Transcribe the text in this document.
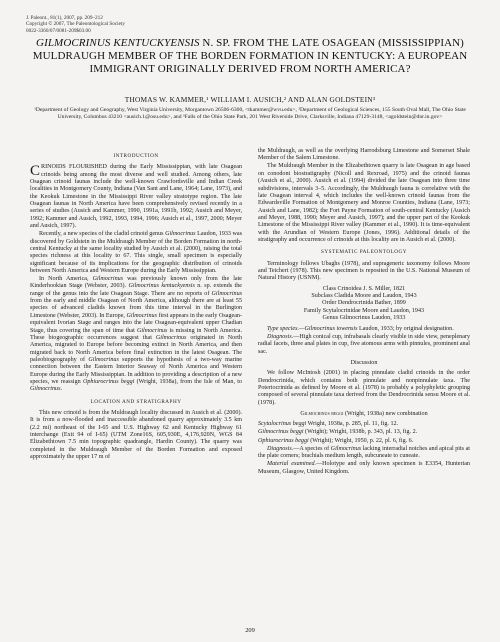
J. Paleont., 81(1), 2007, pp. 209–212
Copyright © 2007, The Paleontological Society
0022-3360/07/0081-209$03.00
GILMOCRINUS KENTUCKYENSIS N. SP. FROM THE LATE OSAGEAN (MISSISSIPPIAN) MULDRAUGH MEMBER OF THE BORDEN FORMATION IN KENTUCKY: A EUROPEAN IMMIGRANT ORIGINALLY DERIVED FROM NORTH AMERICA?
THOMAS W. KAMMER,¹ WILLIAM I. AUSICH,² AND ALAN GOLDSTEIN³
¹Department of Geology and Geography, West Virginia University, Morgantown 26506-6300, <tkammer@wvu.edu>, ²Department of Geological Sciences, 155 South Oval Mall, The Ohio State University, Columbus 43210 <ausich.1@osu.edu>, and ³Falls of the Ohio State Park, 201 West Riverside Drive, Clarksville, Indiana 47129-3148, <agoldstein@dnr.in.gov>
INTRODUCTION

CRINOIDS FLOURISHED during the Early Mississippian, with late Osagean crinoids being among the most diverse and well studied. Among others, late Osagean crinoid faunas include the well-known Crawfordsville and Indian Creek localities in Montgomery County, Indiana (Van Sant and Lane, 1964; Lane, 1973), and the Keokuk Limestone in the Mississippi River valley stratotype region. The late Osagean faunas in North America have been comprehensively revised recently in a series of studies (Ausich and Kammer, 1990, 1991a, 1991b, 1992; Ausich and Meyer, 1992; Kammer and Ausich, 1992, 1993, 1994, 1996; Ausich et al., 1997, 2000; Meyer and Ausich, 1997).

Recently, a new species of the cladid crinoid genus Gilmocrinus Laudon, 1933 was discovered by Goldstein in the Muldraugh Member of the Borden Formation in north-central Kentucky at the same locality studied by Ausich et al. (2000), raising the total species richness at this locality to 67. This single, small specimen is especially significant because of its implications for the geographic distribution of crinoids between North America and Western Europe during the Early Mississippian.

In North America, Gilmocrinus was previously known only from the late Kinderhookian Stage (Webster, 2003). Gilmocrinus kentuckyensis n. sp. extends the range of the genus into the late Osagean Stage. There are no reports of Gilmocrinus from the early and middle Osagean of North America, although there are at least 55 species of advanced cladids known from this time interval in the Burlington Limestone (Webster, 2003). In Europe, Gilmocrinus first appears in the early Osagean-equivalent Ivorian Stage and ranges into the late Osagean-equivalent upper Chadian Stage, thus covering the span of time that Gilmocrinus is missing in North America. These biogeographic occurrences suggest that Gilmocrinus originated in North America, migrated to Europe before becoming extinct in North America, and then migrated back to North America before final extinction in the latest Osagean. The paleobiogeography of Gilmocrinus supports the hypothesis of a two-way marine connection between the Eastern Interior Seaway of North America and Western Europe during the Early Mississippian. In addition to providing a description of a new species, we reassign Ophiurocrinus beggi (Wright, 1938a), from the Isle of Man, to Gilmocrinus.

LOCATION AND STRATIGRAPHY

This new crinoid is from the Muldraugh locality discussed in Ausich et al. (2000). It is from a now-flooded and inaccessible abandoned quarry approximately 3.5 km (2.2 mi) northeast of the I-65 and U.S. Highway 62 and Kentucky Highway 61 interchange (Exit 94 of I-65) (UTM Zone16S, 605,930E, 4,176,920N, WGS 84 Elizabethtown 7.5 min topographic quadrangle, Hardin County). The quarry was completed in the Muldraugh Member of the Borden Formation and exposed approximately the upper 17 m of

the Muldraugh, as well as the overlying Harrodsburg Limestone and Somerset Shale Member of the Salem Limestone.

The Muldraugh Member in the Elizabethtown quarry is late Osagean in age based on conodont biostratigraphy (Nicoll and Rexroad, 1975) and the crinoid faunas (Ausich et al., 2000). Ausich et al. (1994) divided the late Osagean into three time subdivisions, intervals 3–5. Accordingly, the Muldraugh fauna is correlative with the late Osagean interval 4, which includes the well-known crinoid faunas from the Edwardsville Formation of Montgomery and Monroe Counties, Indiana (Lane, 1973; Ausich and Lane, 1982); the Fort Payne Formation of south-central Kentucky (Ausich and Meyer, 1988, 1990; Meyer and Ausich, 1997); and the upper part of the Keokuk Limestone of the Mississippi River valley (Kammer et al., 1990). It is time-equivalent with the Arundian of Western Europe (Jones, 1996). Additional details of the stratigraphy and occurrence of crinoids at this locality are in Ausich et al. (2000).

SYSTEMATIC PALEONTOLOGY

Terminology follows Ubaghs (1978), and suprageneric taxonomy follows Moore and Teichert (1978). This new specimen is reposited in the U.S. National Museum of Natural History (USNM).

Class Crinoidea J. S. Miller, 1821
Subclass Cladida Moore and Laudon, 1943
Order Dendrocrinida Bather, 1899
Family Scytalocrinidae Moore and Laudon, 1943
Genus Gilmocrinus Laudon, 1933

Type species.—Gilmocrinus iowensis Laudon, 1933; by original designation.

Diagnosis.—High conical cup, infrabasals clearly visible in side view, peneplenary radial facets, three anal plates in cup, five atomous arms with pinnules, prominent anal sac.

Discussion

We follow McIntosh (2001) in placing pinnulate cladid crinoids in the order Dendrocrinida, which contains both pinnulate and nonpinnulate taxa. The Poteriocrinida as defined by Moore et al. (1978) is probably a polyphyletic grouping composed of several pinnulate taxa derived from the Dendrocrinida sensu Moore et al. (1978).

Gilmocrinus beggi (Wright, 1938a) new combination

Scytalocrinus beggi Wright, 1938a, p. 285, pl. 11, fig. 12.

Gilmocrinus beggi (Wright); Wright, 1938b, p. 343, pl. 13, fig. 2.

Ophiurocrinus beggi (Wright); Wright, 1950, p. 22, pl. 6, fig. 6.

Diagnosis.—A species of Gilmocrinus lacking interradial notches and apical pits at the plate corners; brachials medium length, subcuneate to cuneate.

Material examined.—Holotype and only known specimen is E3354, Hunterian Museum, Glasgow, United Kingdom.

209
